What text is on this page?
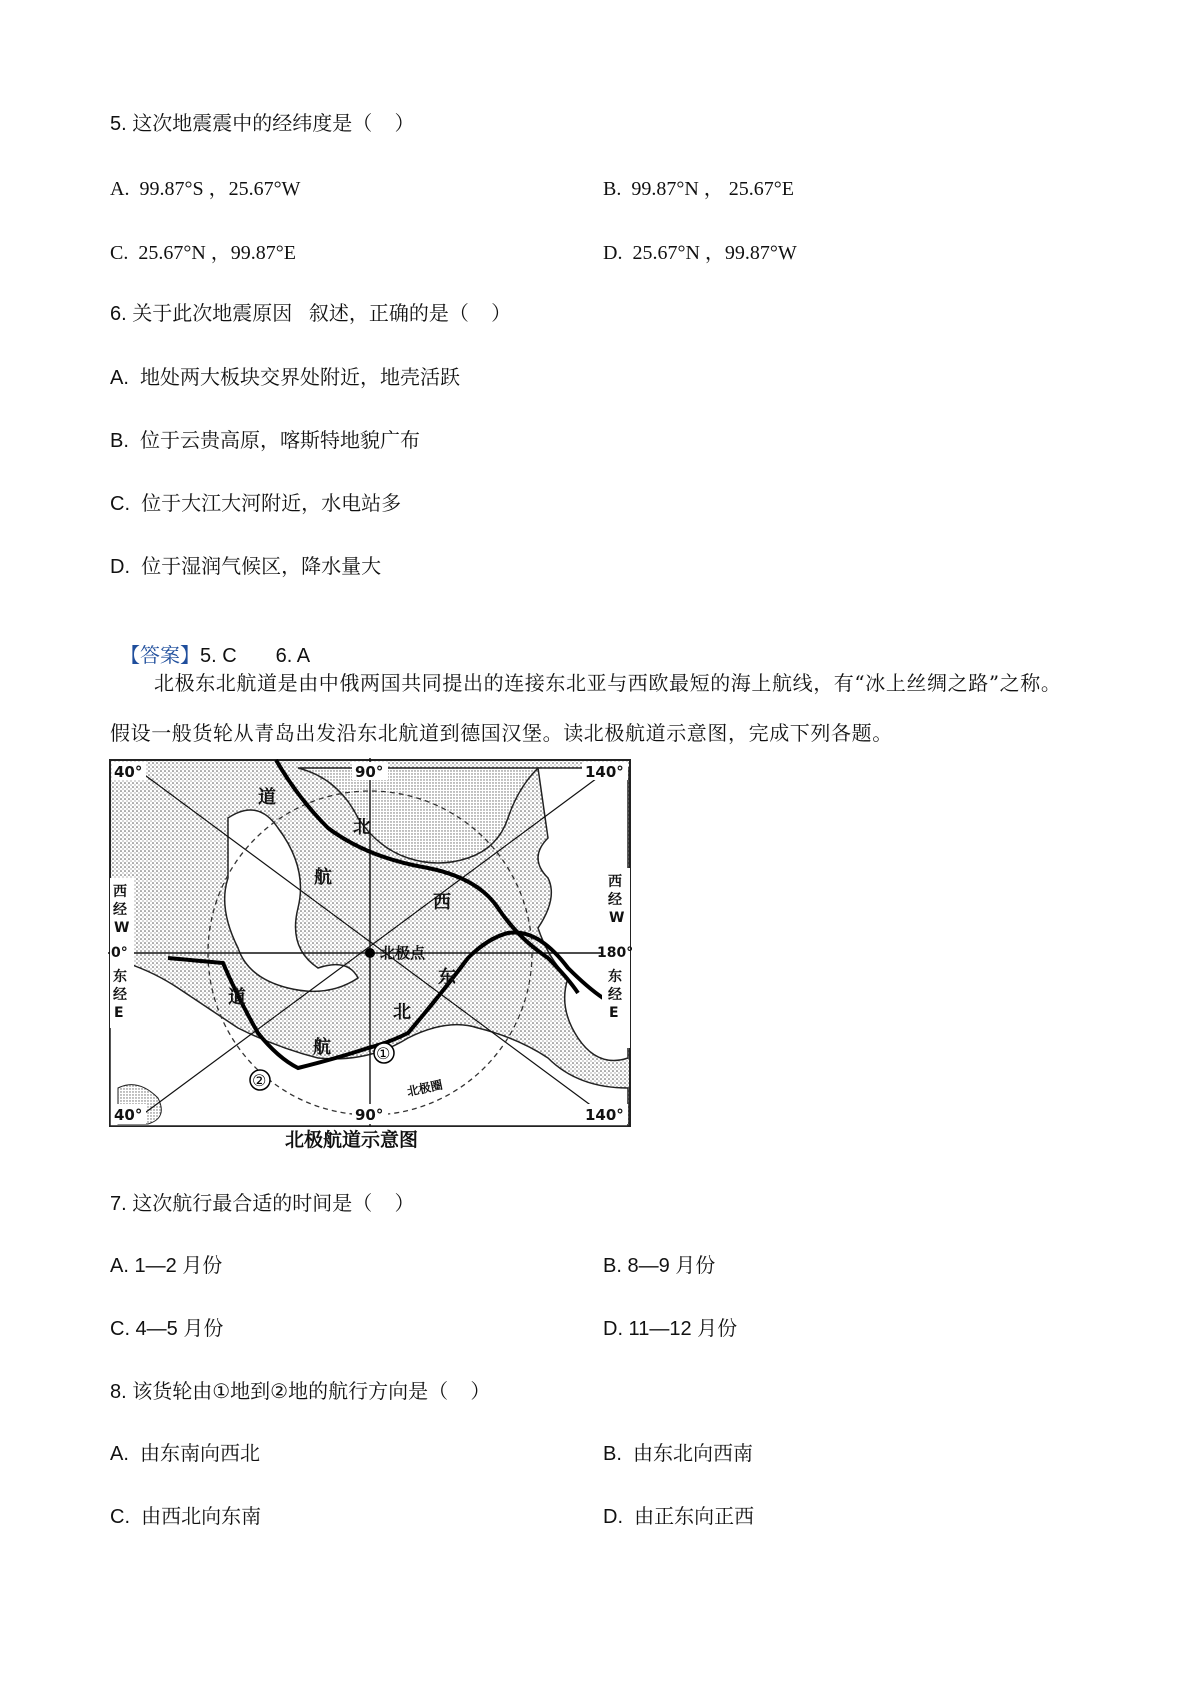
5. 这次地震震中的经纬度是（    ）
A.  99.87°S ，25.67°W	B.  99.87°N ， 25.67°E
C.  25.67°N ，99.87°E	D.  25.67°N ，99.87°W
6. 关于此次地震原因   叙述，正确的是（    ）
A.  地处两大板块交界处附近，地壳活跃
B.  位于云贵高原，喀斯特地貌广布
C.  位于大江大河附近，水电站多
D.  位于湿润气候区，降水量大

【答案】5. C       6. A

北极东北航道是由中俄两国共同提出的连接东北亚与西欧最短的海上航线，有“冰上丝绸之路”之称。
假设一般货轮从青岛出发沿东北航道到德国汉堡。读北极航道示意图，完成下列各题。
北极点
①
②	北极圈
道
航
西
北
道
航
北
东
40°	90°	140°
40°	90°	140°
西 经 W
0°
东 经 E
西 经 W
180°
东 经 E
北极航道示意图
7. 这次航行最合适的时间是（    ）
A. 1—2 月份	B. 8—9 月份
C. 4—5 月份	D. 11—12 月份
8. 该货轮由①地到②地的航行方向是（    ）
A.  由东南向西北	B.  由东北向西南
C.  由西北向东南	D.  由正东向正西
